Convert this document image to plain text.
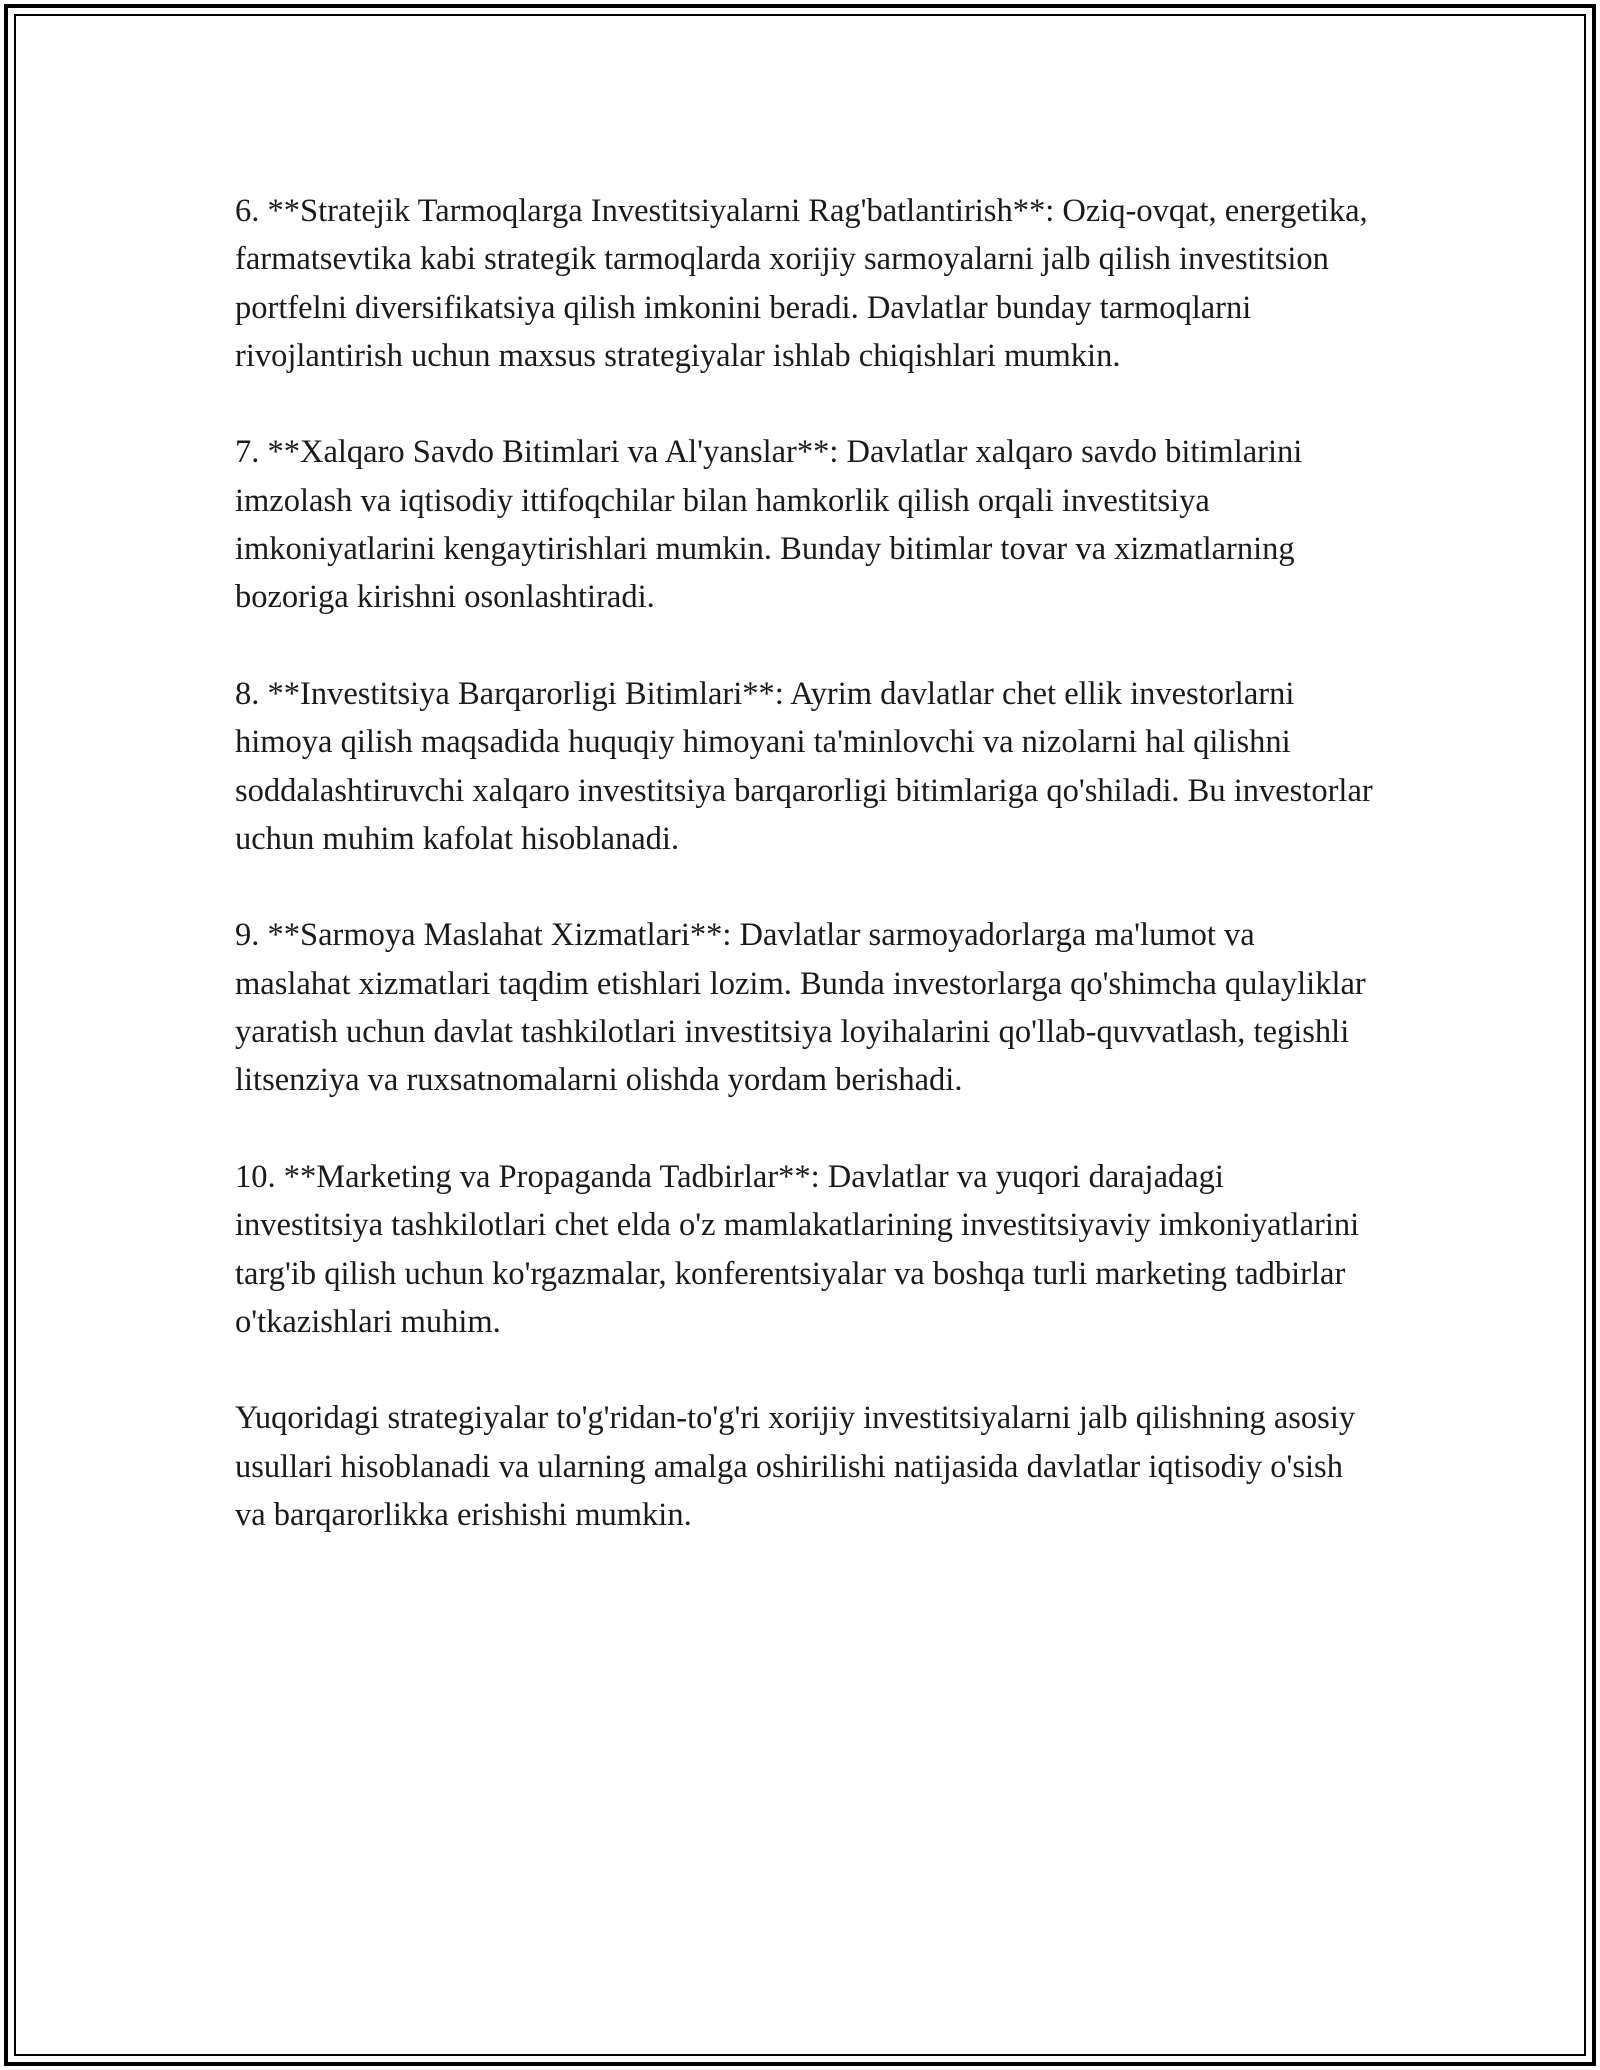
6. **Stratejik Tarmoqlarga Investitsiyalarni Rag'batlantirish**: Oziq-ovqat, energetika, farmatsevtika kabi strategik tarmoqlarda xorijiy sarmoyalarni jalb qilish investitsion portfelni diversifikatsiya qilish imkonini beradi. Davlatlar bunday tarmoqlarni rivojlantirish uchun maxsus strategiyalar ishlab chiqishlari mumkin.

7. **Xalqaro Savdo Bitimlari va Al'yanslar**: Davlatlar xalqaro savdo bitimlarini imzolash va iqtisodiy ittifoqchilar bilan hamkorlik qilish orqali investitsiya imkoniyatlarini kengaytirishlari mumkin. Bunday bitimlar tovar va xizmatlarning bozoriga kirishni osonlashtiradi.

8. **Investitsiya Barqarorligi Bitimlari**: Ayrim davlatlar chet ellik investorlarni himoya qilish maqsadida huquqiy himoyani ta'minlovchi va nizolarni hal qilishni soddalashtiruvchi xalqaro investitsiya barqarorligi bitimlariga qo'shiladi. Bu investorlar uchun muhim kafolat hisoblanadi.

9. **Sarmoya Maslahat Xizmatlari**: Davlatlar sarmoyadorlarga ma'lumot va maslahat xizmatlari taqdim etishlari lozim. Bunda investorlarga qo'shimcha qulayliklar yaratish uchun davlat tashkilotlari investitsiya loyihalarini qo'llab-quvvatlash, tegishli litsenziya va ruxsatnomalarni olishda yordam berishadi.

10. **Marketing va Propaganda Tadbirlar**: Davlatlar va yuqori darajadagi investitsiya tashkilotlari chet elda o'z mamlakatlarining investitsiyaviy imkoniyatlarini targ'ib qilish uchun ko'rgazmalar, konferentsiyalar va boshqa turli marketing tadbirlar o'tkazishlari muhim.

Yuqoridagi strategiyalar to'g'ridan-to'g'ri xorijiy investitsiyalarni jalb qilishning asosiy usullari hisoblanadi va ularning amalga oshirilishi natijasida davlatlar iqtisodiy o'sish va barqarorlikka erishishi mumkin.
